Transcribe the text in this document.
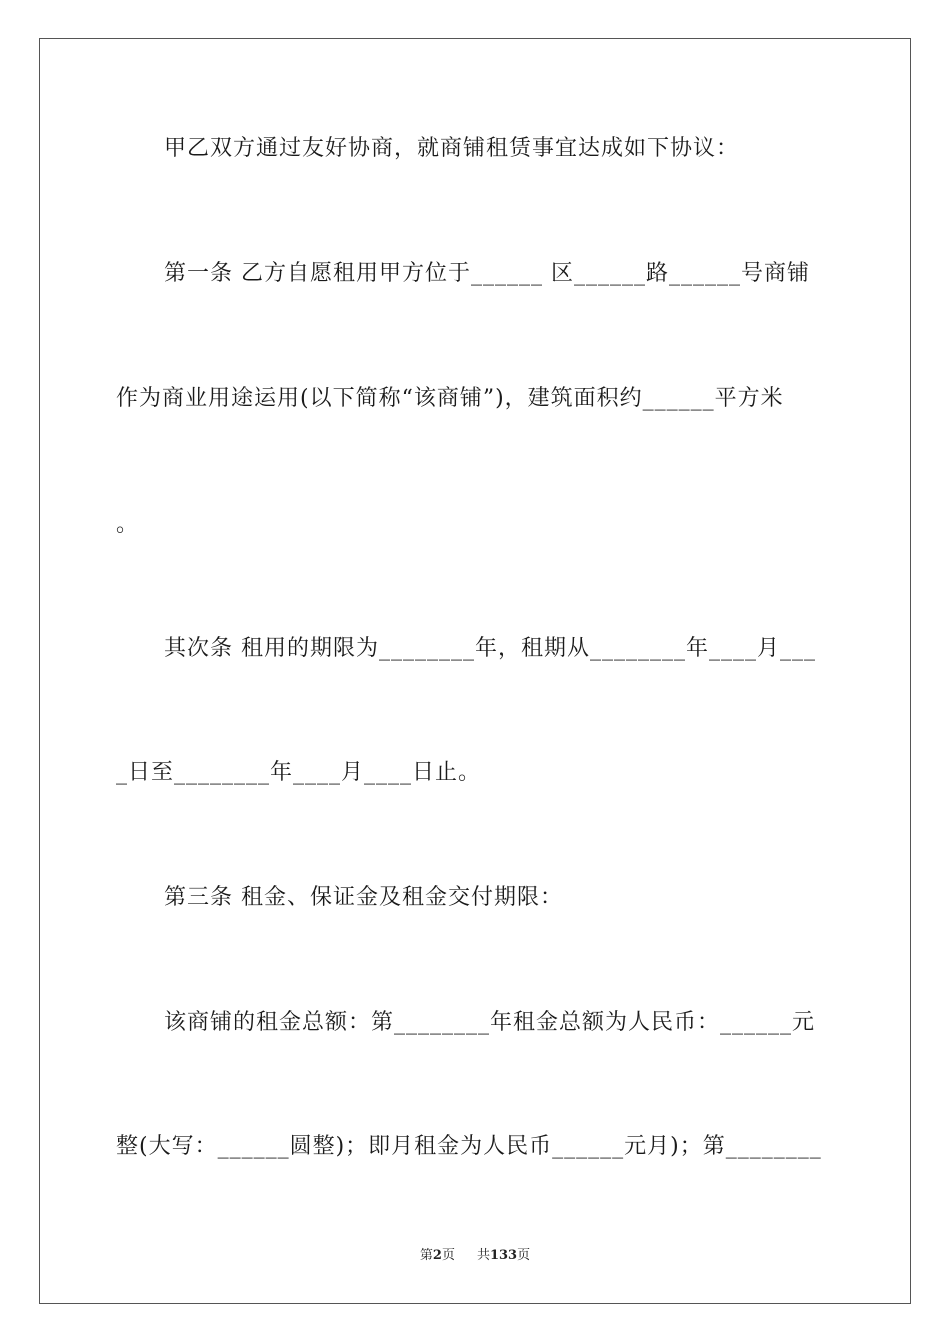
甲乙双方通过友好协商，就商铺租赁事宜达成如下协议：
第一条 乙方自愿租用甲方位于______ 区______路______号商铺
作为商业用途运用(以下简称“该商铺”)，建筑面积约______平方米
。
其次条 租用的期限为________年，租期从________年____月___
_日至________年____月____日止。
第三条 租金、保证金及租金交付期限：
该商铺的租金总额：第________年租金总额为人民币：______元
整(大写：______圆整)；即月租金为人民币______元月)；第________
第2页 共133页
